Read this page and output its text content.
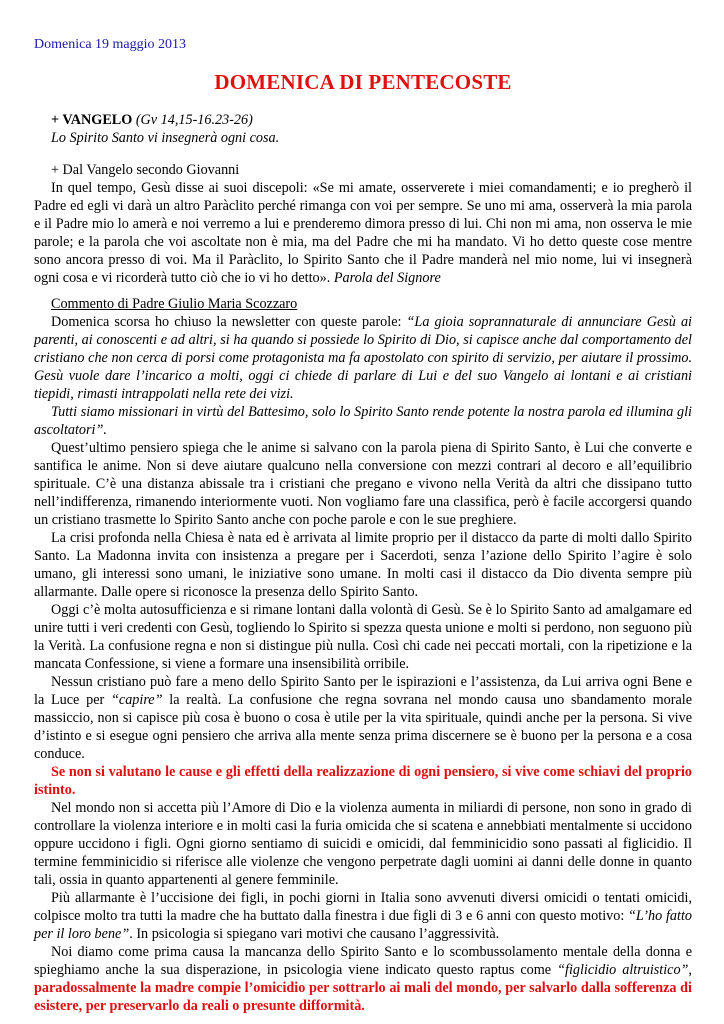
Domenica 19 maggio 2013
DOMENICA DI PENTECOSTE

+ VANGELO (Gv 14,15-16.23-26)

Lo Spirito Santo vi insegnerà ogni cosa.

+ Dal Vangelo secondo Giovanni

In quel tempo, Gesù disse ai suoi discepoli: «Se mi amate, osserverete i miei comandamenti; e io pregherò il Padre ed egli vi darà un altro Paràclito perché rimanga con voi per sempre. Se uno mi ama, osserverà la mia parola e il Padre mio lo amerà e noi verremo a lui e prenderemo dimora presso di lui. Chi non mi ama, non osserva le mie parole; e la parola che voi ascoltate non è mia, ma del Padre che mi ha mandato. Vi ho detto queste cose mentre sono ancora presso di voi. Ma il Paràclito, lo Spirito Santo che il Padre manderà nel mio nome, lui vi insegnerà ogni cosa e vi ricorderà tutto ciò che io vi ho detto». Parola del Signore

Commento di Padre Giulio Maria Scozzaro

Domenica scorsa ho chiuso la newsletter con queste parole: “La gioia soprannaturale di annunciare Gesù ai parenti, ai conoscenti e ad altri, si ha quando si possiede lo Spirito di Dio, si capisce anche dal comportamento del cristiano che non cerca di porsi come protagonista ma fa apostolato con spirito di servizio, per aiutare il prossimo. Gesù vuole dare l’incarico a molti, oggi ci chiede di parlare di Lui e del suo Vangelo ai lontani e ai cristiani tiepidi, rimasti intrappolati nella rete dei vizi.

Tutti siamo missionari in virtù del Battesimo, solo lo Spirito Santo rende potente la nostra parola ed illumina gli ascoltatori”.

Quest’ultimo pensiero spiega che le anime si salvano con la parola piena di Spirito Santo, è Lui che converte e santifica le anime. Non si deve aiutare qualcuno nella conversione con mezzi contrari al decoro e all’equilibrio spirituale. C’è una distanza abissale tra i cristiani che pregano e vivono nella Verità da altri che dissipano tutto nell’indifferenza, rimanendo interiormente vuoti. Non vogliamo fare una classifica, però è facile accorgersi quando un cristiano trasmette lo Spirito Santo anche con poche parole e con le sue preghiere.

La crisi profonda nella Chiesa è nata ed è arrivata al limite proprio per il distacco da parte di molti dallo Spirito Santo. La Madonna invita con insistenza a pregare per i Sacerdoti, senza l’azione dello Spirito l’agire è solo umano, gli interessi sono umani, le iniziative sono umane. In molti casi il distacco da Dio diventa sempre più allarmante. Dalle opere si riconosce la presenza dello Spirito Santo.

Oggi c’è molta autosufficienza e si rimane lontani dalla volontà di Gesù. Se è lo Spirito Santo ad amalgamare ed unire tutti i veri credenti con Gesù, togliendo lo Spirito si spezza questa unione e molti si perdono, non seguono più la Verità. La confusione regna e non si distingue più nulla. Così chi cade nei peccati mortali, con la ripetizione e la mancata Confessione, si viene a formare una insensibilità orribile.

Nessun cristiano può fare a meno dello Spirito Santo per le ispirazioni e l’assistenza, da Lui arriva ogni Bene e la Luce per “capire” la realtà. La confusione che regna sovrana nel mondo causa uno sbandamento morale massiccio, non si capisce più cosa è buono o cosa è utile per la vita spirituale, quindi anche per la persona. Si vive d’istinto e si esegue ogni pensiero che arriva alla mente senza prima discernere se è buono per la persona e a cosa conduce.

Se non si valutano le cause e gli effetti della realizzazione di ogni pensiero, si vive come schiavi del proprio istinto.

Nel mondo non si accetta più l’Amore di Dio e la violenza aumenta in miliardi di persone, non sono in grado di controllare la violenza interiore e in molti casi la furia omicida che si scatena e annebbiati mentalmente si uccidono oppure uccidono i figli. Ogni giorno sentiamo di suicidi e omicidi, dal femminicidio sono passati al figlicidio. Il termine femminicidio si riferisce alle violenze che vengono perpetrate dagli uomini ai danni delle donne in quanto tali, ossia in quanto appartenenti al genere femminile.

Più allarmante è l’uccisione dei figli, in pochi giorni in Italia sono avvenuti diversi omicidi o tentati omicidi, colpisce molto tra tutti la madre che ha buttato dalla finestra i due figli di 3 e 6 anni con questo motivo: “L’ho fatto per il loro bene”. In psicologia si spiegano vari motivi che causano l’aggressività.

Noi diamo come prima causa la mancanza dello Spirito Santo e lo scombussolamento mentale della donna e spieghiamo anche la sua disperazione, in psicologia viene indicato questo raptus come “figlicidio altruistico”, paradossalmente la madre compie l’omicidio per sottrarlo ai mali del mondo, per salvarlo dalla sofferenza di esistere, per preservarlo da reali o presunte difformità.
